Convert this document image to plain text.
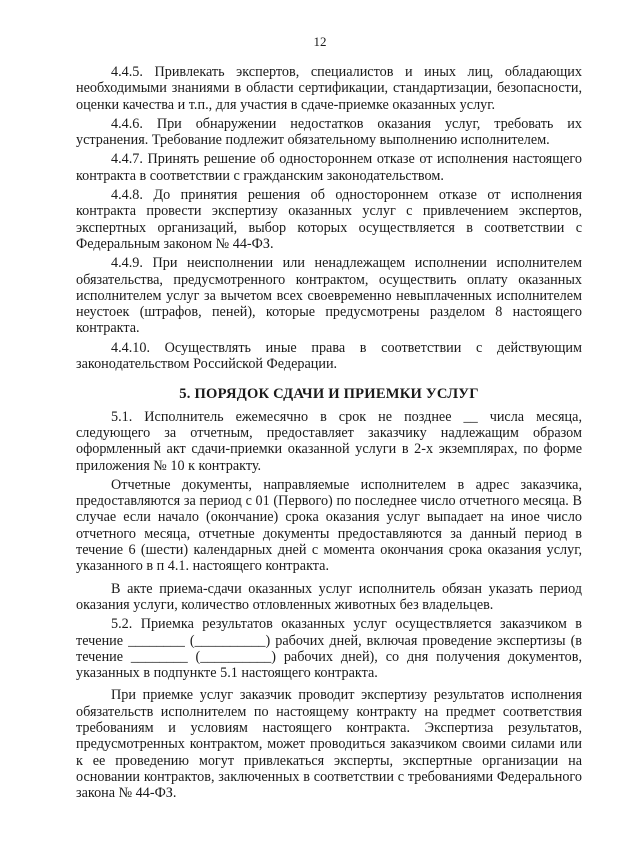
12

4.4.5. Привлекать экспертов, специалистов и иных лиц, обладающих необходимыми знаниями в области сертификации, стандартизации, безопасности, оценки качества и т.п., для участия в сдаче-приемке оказанных услуг.

4.4.6. При обнаружении недостатков оказания услуг, требовать их устранения. Требование подлежит обязательному выполнению исполнителем.

4.4.7. Принять решение об одностороннем отказе от исполнения настоящего контракта в соответствии с гражданским законодательством.

4.4.8. До принятия решения об одностороннем отказе от исполнения контракта провести экспертизу оказанных услуг с привлечением экспертов, экспертных организаций, выбор которых осуществляется в соответствии с Федеральным законом № 44-ФЗ.

4.4.9. При неисполнении или ненадлежащем исполнении исполнителем обязательства, предусмотренного контрактом, осуществить оплату оказанных исполнителем услуг за вычетом всех своевременно невыплаченных исполнителем неустоек (штрафов, пеней), которые предусмотрены разделом 8 настоящего контракта.

4.4.10. Осуществлять иные права в соответствии с действующим законодательством Российской Федерации.

5. ПОРЯДОК СДАЧИ И ПРИЕМКИ УСЛУГ

5.1. Исполнитель ежемесячно в срок не позднее __ числа месяца, следующего за отчетным, предоставляет заказчику надлежащим образом оформленный акт сдачи-приемки оказанной услуги в 2-х экземплярах, по форме приложения № 10 к контракту.

Отчетные документы, направляемые исполнителем в адрес заказчика, предоставляются за период с 01 (Первого) по последнее число отчетного месяца. В случае если начало (окончание) срока оказания услуг выпадает на иное число отчетного месяца, отчетные документы предоставляются за данный период в течение 6 (шести) календарных дней с момента окончания срока оказания услуг, указанного в п 4.1. настоящего контракта.

В акте приема-сдачи оказанных услуг исполнитель обязан указать период оказания услуги, количество отловленных животных без владельцев.

5.2. Приемка результатов оказанных услуг осуществляется заказчиком в течение ________ (__________) рабочих дней, включая проведение экспертизы (в течение ________ (__________) рабочих дней), со дня получения документов, указанных в подпункте 5.1 настоящего контракта.

При приемке услуг заказчик проводит экспертизу результатов исполнения обязательств исполнителем по настоящему контракту на предмет соответствия требованиям и условиям настоящего контракта. Экспертиза результатов, предусмотренных контрактом, может проводиться заказчиком своими силами или к ее проведению могут привлекаться эксперты, экспертные организации на основании контрактов, заключенных в соответствии с требованиями Федерального закона № 44-ФЗ.
